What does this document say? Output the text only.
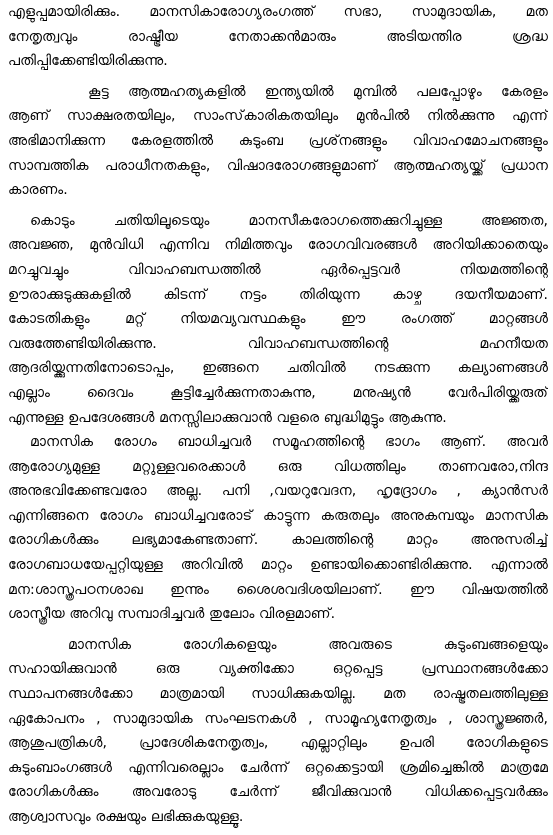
എളുപ്പമായിരിക്കും. മാനസികാരോഗ്യരംഗത്ത് സഭാ, സാമുദായിക, മത
നേതൃത്വവും രാഷ്ട്രീയ നേതാക്കൻമാരും അടിയന്തിര ശ്രദ്ധ
പതിപ്പിക്കേണ്ടിയിരിക്കുന്നു.
കൂട്ട ആത്മഹത്യകളിൽ ഇന്ത്യയിൽ മുമ്പിൽ പലപ്പോഴും കേരളം
ആണ് സാക്ഷരതയിലും, സാംസ്‌കാരികതയിലും മുൻപിൽ നിൽക്കുന്നു എന്ന്
അഭിമാനിക്കുന്ന കേരളത്തിൽ കുടുംബ പ്രശ്‌നങ്ങളും വിവാഹമോചനങ്ങളും
സാമ്പത്തിക പരാധീനതകളും, വിഷാദരോഗങ്ങളുമാണ് ആത്മഹത്യയ്ക്ക് പ്രധാന
കാരണം.
കൊടും ചതിയിലൂടെയും മാനസീകരോഗത്തെക്കുറിച്ചുള്ള അജ്ഞത,
അവജ്ഞ, മുൻവിധി എന്നിവ നിമിത്തവും രോഗവിവരങ്ങൾ അറിയിക്കാതെയും
മറച്ചുവച്ചും വിവാഹബന്ധത്തിൽ ഏർപ്പെട്ടവർ നിയമത്തിന്റെ
ഊരാക്കുടുക്കുകളിൽ കിടന്ന് നട്ടം തിരിയുന്ന കാഴ്ച ദയനീയമാണ്.
കോടതികളും മറ്റ് നിയമവ്യവസ്ഥകളും ഈ രംഗത്ത് മാറ്റങ്ങൾ
വരുത്തേണ്ടിയിരിക്കുന്നു. വിവാഹബന്ധത്തിന്റെ മഹനീയത
ആദരിയ്ക്കുന്നതിനോടൊപ്പം, ഇങ്ങനെ ചതിവിൽ നടക്കുന്ന കല്യാണങ്ങൾ
എല്ലാം ദൈവം കൂട്ടിച്ചേർക്കുന്നതാകുന്നു, മനുഷ്യൻ വേർപിരിയ്ക്കരുത്
എന്നുള്ള ഉപദേശങ്ങൾ മനസ്സിലാക്കുവാൻ വളരെ ബുദ്ധിമുട്ടും ആകുന്നു.
മാനസിക രോഗം ബാധിച്ചവർ സമൂഹത്തിന്റെ ഭാഗം ആണ്. അവർ
ആരോഗ്യമുള്ള മറ്റുള്ളവരെക്കാൾ ഒരു വിധത്തിലും താണവരോ,നിന്ദ
അനുഭവിക്കേണ്ടവരോ അല്ല. പനി ,വയറുവേദന, ഹൃദ്രോഗം , ക്യാൻസർ
എന്നിങ്ങനെ രോഗം ബാധിച്ചവരോട് കാട്ടുന്ന കരുതലും അനുകമ്പയും മാനസിക
രോഗികൾക്കും ലഭ്യമാകേണ്ടതാണ്. കാലത്തിന്റെ മാറ്റം അനുസരിച്ച്
രോഗബാധയേപ്പറ്റിയുള്ള അറിവിൽ മാറ്റം ഉണ്ടായിക്കൊണ്ടിരിക്കുന്നു. എന്നാൽ
മന:ശാസ്ത്രപഠനശാഖ ഇന്നും ശൈശവദിശയിലാണ്. ഈ വിഷയത്തിൽ
ശാസ്ത്രീയ അറിവു സമ്പാദിച്ചവർ തുലോം വിരളമാണ്.
മാനസിക രോഗികളെയും അവരുടെ കുടുംബങ്ങളെയും
സഹായിക്കുവാൻ ഒരു വ്യക്തിക്കോ ഒറ്റപ്പെട്ട പ്രസ്ഥാനങ്ങൾക്കോ
സ്ഥാപനങ്ങൾക്കോ മാത്രമായി സാധിക്കുകയില്ല. മത രാഷ്ട്രതലത്തിലുള്ള
ഏകോപനം , സാമുദായിക സംഘടനകൾ , സാമൂഹ്യനേതൃത്വം , ശാസ്ത്രജ്ഞർ,
ആശുപത്രികൾ, പ്രാദേശികനേതൃത്വം, എല്ലാറ്റിലും ഉപരി രോഗികളുടെ
കുടുംബാംഗങ്ങൾ എന്നിവരെല്ലാം ചേർന്ന് ഒറ്റക്കെട്ടായി ശ്രമിച്ചെങ്കിൽ മാത്രമേ
രോഗികൾക്കും അവരോടു ചേർന്ന് ജീവിക്കുവാൻ വിധിക്കപ്പെട്ടവർക്കും
ആശ്വാസവും രക്ഷയും ലഭിക്കുകയുള്ളൂ.
